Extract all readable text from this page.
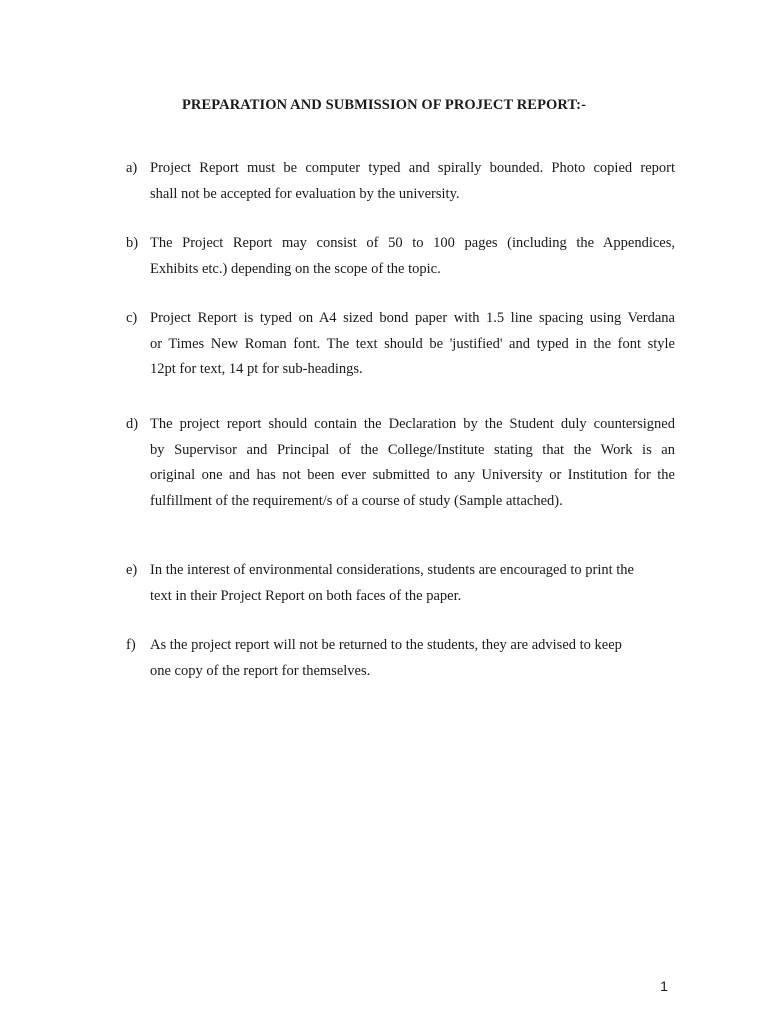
PREPARATION AND SUBMISSION OF PROJECT REPORT:-
a) Project Report must be computer typed and spirally bounded. Photo copied report
shall not be accepted for evaluation by the university.
b) The Project Report may consist of 50 to 100 pages (including the Appendices,
Exhibits etc.) depending on the scope of the topic.
c) Project Report is typed on A4 sized bond paper with 1.5 line spacing using Verdana
or Times New Roman font. The text should be 'justified' and typed in the font style
12pt for text, 14 pt for sub-headings.
d) The project report should contain the Declaration by the Student duly countersigned
by Supervisor and Principal of the College/Institute stating that the Work is an
original one and has not been ever submitted to any University or Institution for the
fulfillment of the requirement/s of a course of study (Sample attached).
e) In the interest of environmental considerations, students are encouraged to print the
text in their Project Report on both faces of the paper.
f) As the project report will not be returned to the students, they are advised to keep
one copy of the report for themselves.
1
